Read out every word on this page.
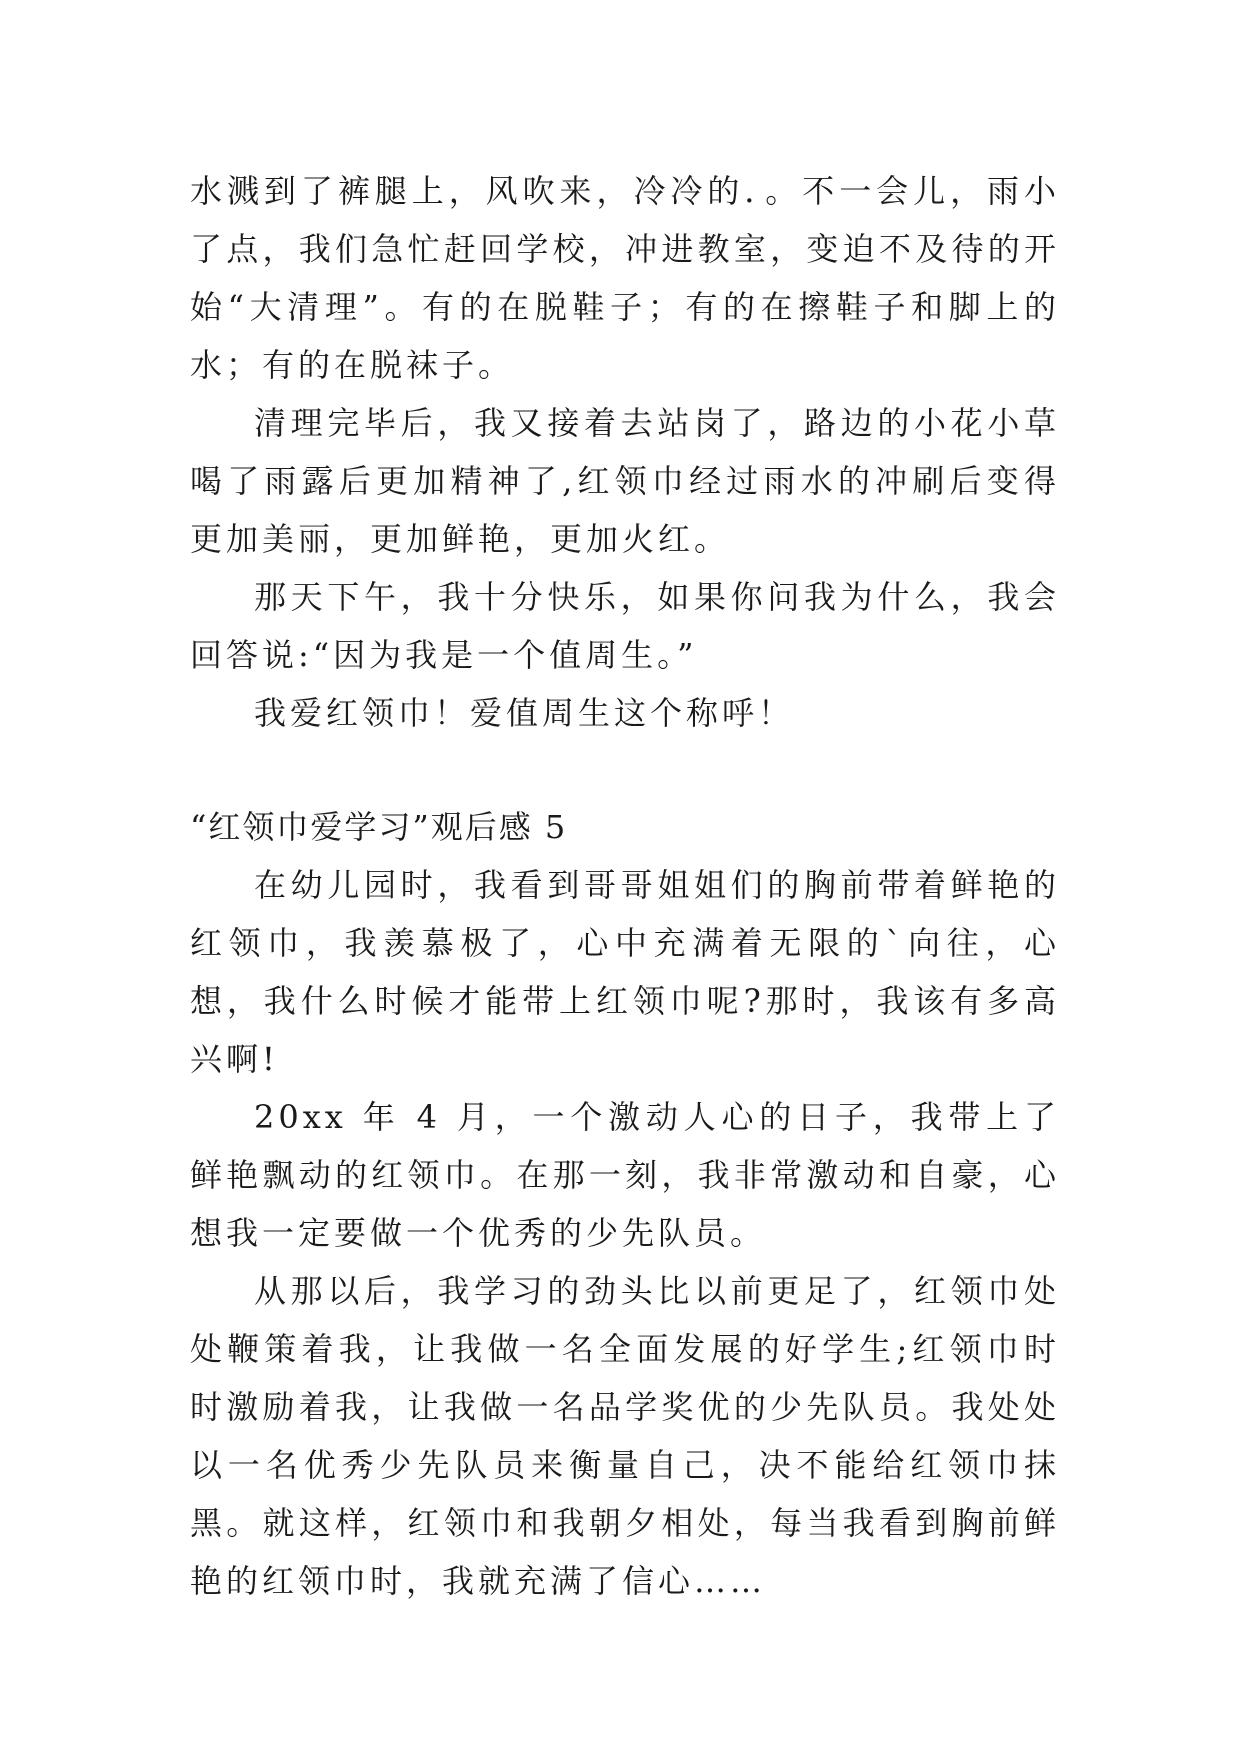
水溅到了裤腿上，风吹来，冷冷的．。不一会儿，雨小了点，我们急忙赶回学校，冲进教室，变迫不及待的开始“大清理”。有的在脱鞋子；有的在擦鞋子和脚上的水；有的在脱袜子。

清理完毕后，我又接着去站岗了，路边的小花小草喝了雨露后更加精神了,红领巾经过雨水的冲刷后变得更加美丽，更加鲜艳，更加火红。

那天下午，我十分快乐，如果你问我为什么，我会回答说:“因为我是一个值周生。”

我爱红领巾！爱值周生这个称呼！

“红领巾爱学习”观后感 5

在幼儿园时，我看到哥哥姐姐们的胸前带着鲜艳的红领巾，我羡慕极了，心中充满着无限的`向往，心想，我什么时候才能带上红领巾呢?那时，我该有多高兴啊!

20xx 年 4 月，一个激动人心的日子，我带上了鲜艳飘动的红领巾。在那一刻，我非常激动和自豪，心想我一定要做一个优秀的少先队员。

从那以后，我学习的劲头比以前更足了，红领巾处处鞭策着我，让我做一名全面发展的好学生;红领巾时时激励着我，让我做一名品学奖优的少先队员。我处处以一名优秀少先队员来衡量自己，决不能给红领巾抹黑。就这样，红领巾和我朝夕相处，每当我看到胸前鲜艳的红领巾时，我就充满了信心……
